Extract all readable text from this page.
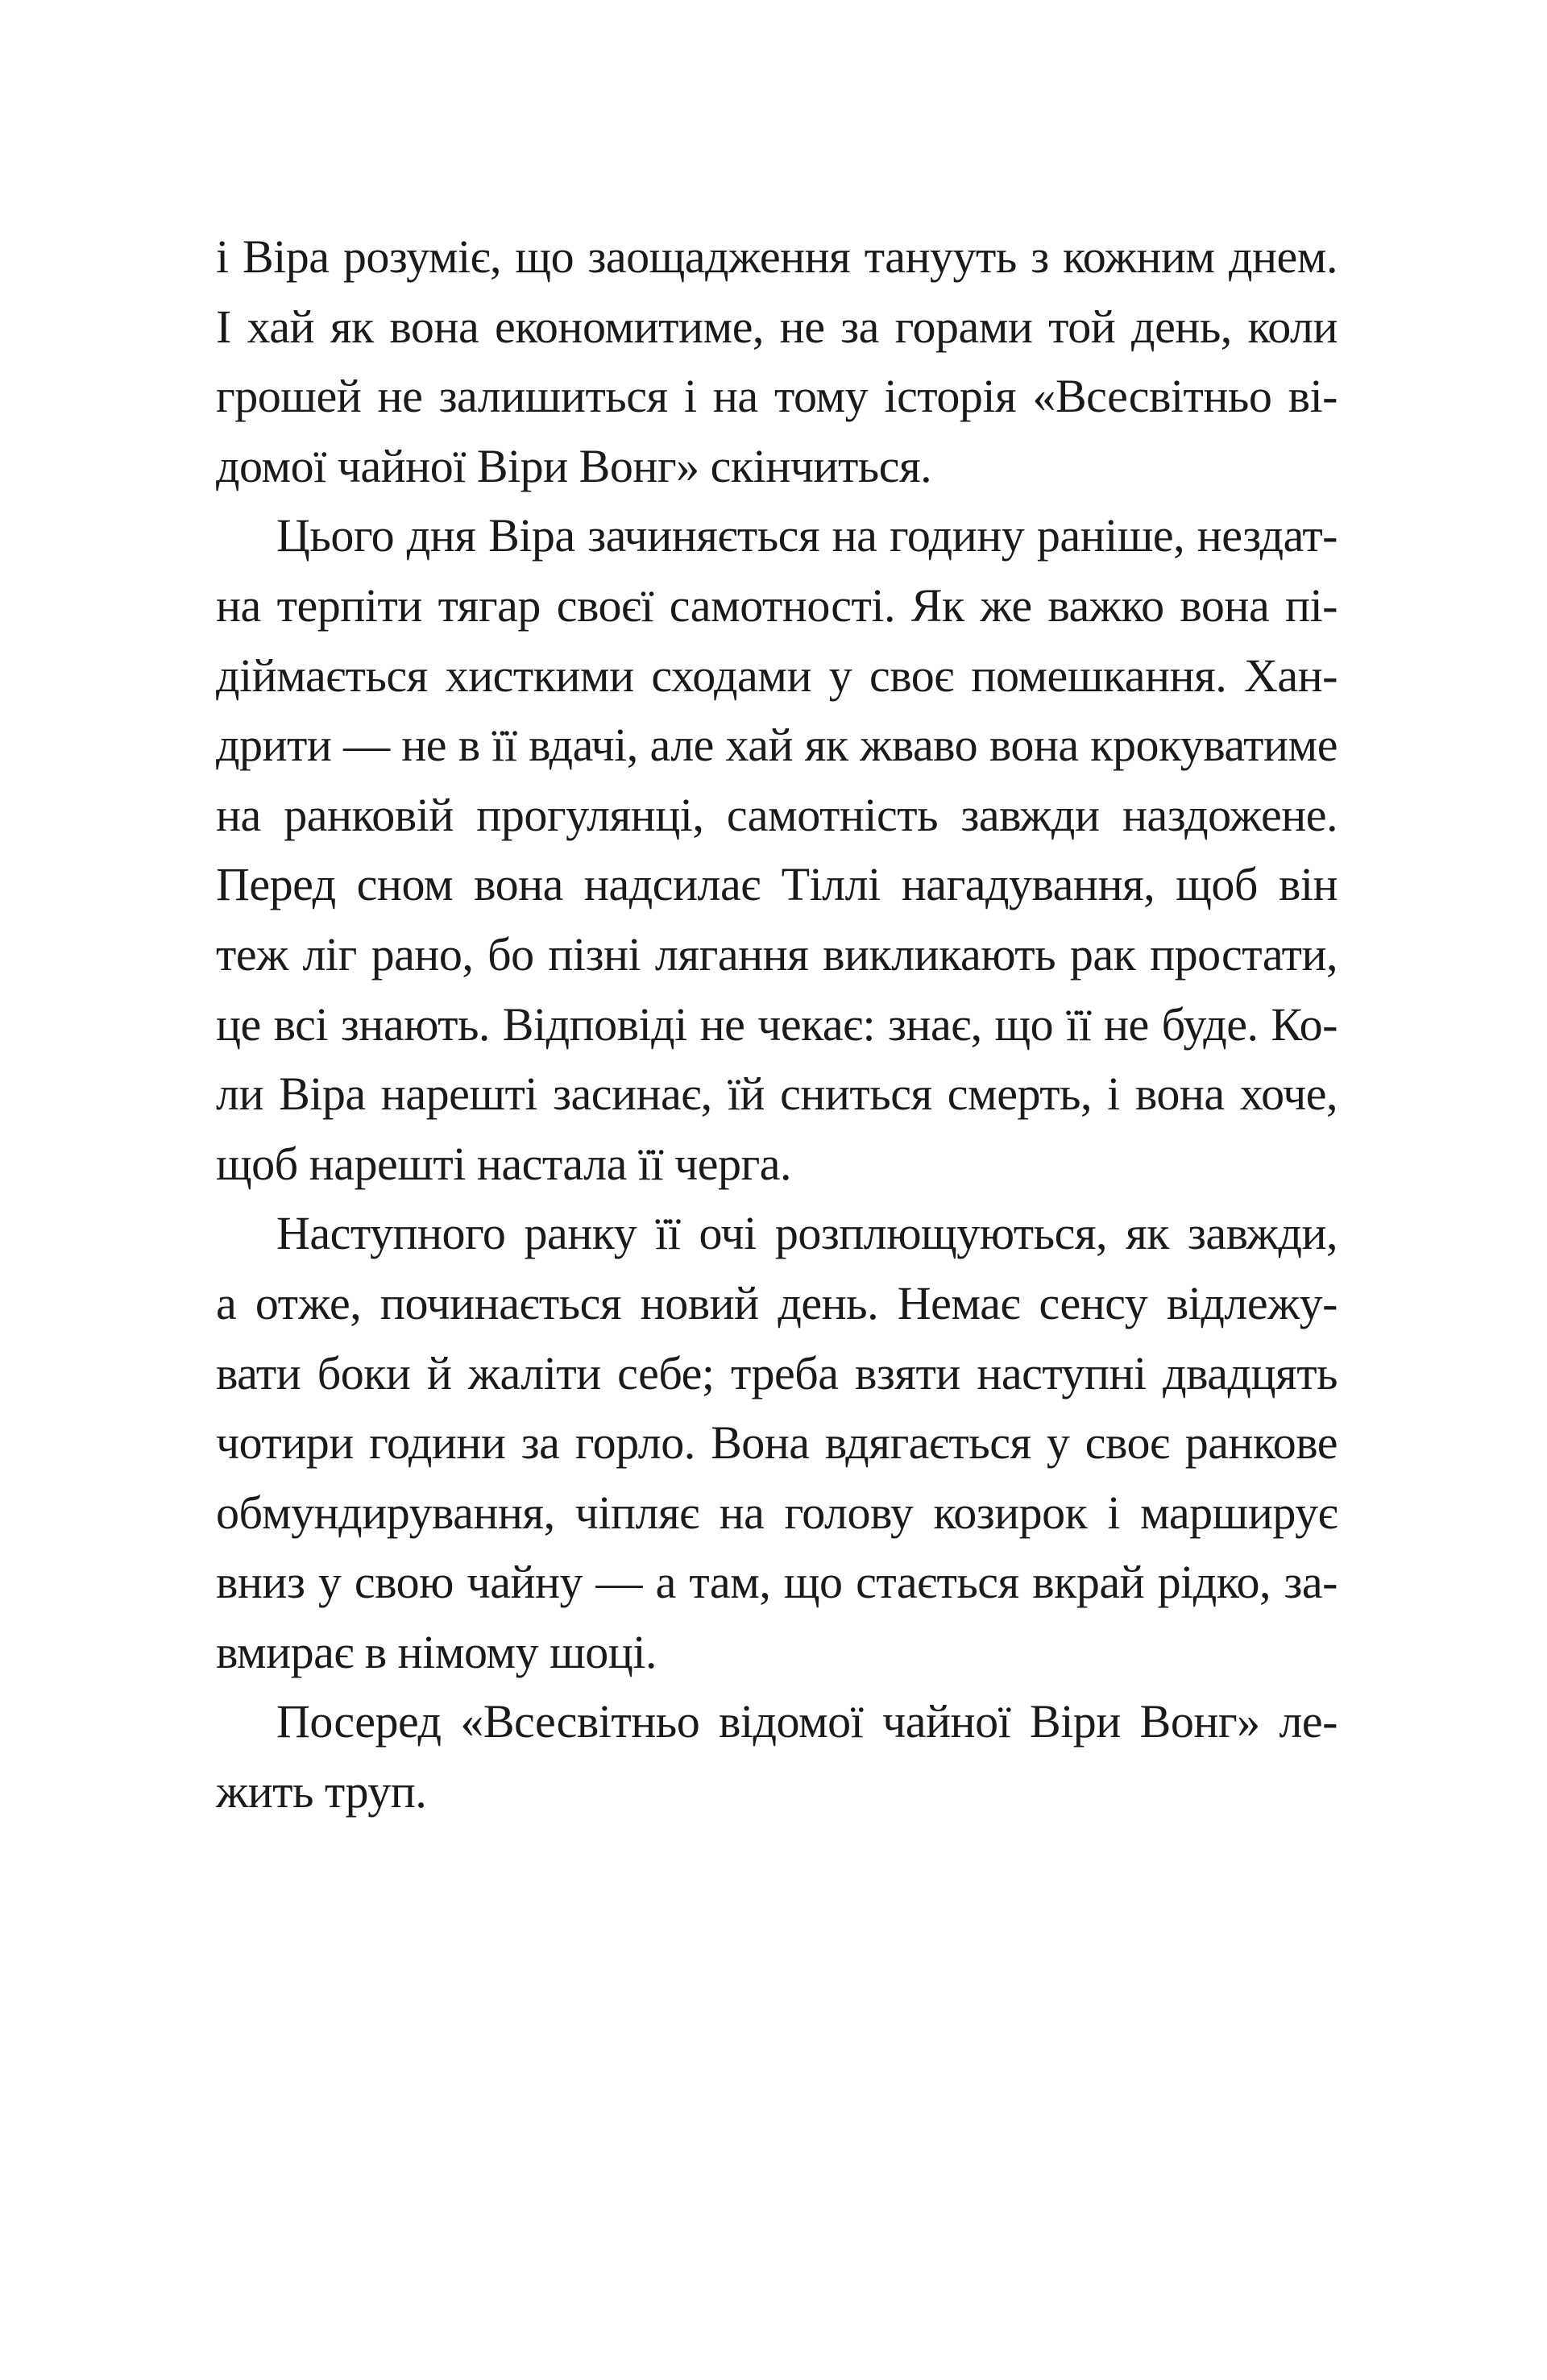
і Віра розуміє, що заощадження танууть з кожним днем.
І хай як вона економитиме, не за горами той день, коли
грошей не залишиться і на тому історія «Всесвітньо ві-
домої чайної Віри Вонг» скінчиться.
Цього дня Віра зачиняється на годину раніше, нездат-
на терпіти тягар своєї самотності. Як же важко вона пі-
діймається хисткими сходами у своє помешкання. Хан-
дрити — не в її вдачі, але хай як жваво вона крокуватиме
на ранковій прогулянці, самотність завжди наздожене.
Перед сном вона надсилає Тіллі нагадування, щоб він
теж ліг рано, бо пізні лягання викликають рак простати,
це всі знають. Відповіді не чекає: знає, що її не буде. Ко-
ли Віра нарешті засинає, їй сниться смерть, і вона хоче,
щоб нарешті настала її черга.
Наступного ранку її очі розплющуються, як завжди,
а отже, починається новий день. Немає сенсу відлежу-
вати боки й жаліти себе; треба взяти наступні двадцять
чотири години за горло. Вона вдягається у своє ранкове
обмундирування, чіпляє на голову козирок і марширує
вниз у свою чайну — а там, що стається вкрай рідко, за-
вмирає в німому шоці.
Посеред «Всесвітньо відомої чайної Віри Вонг» ле-
жить труп.
